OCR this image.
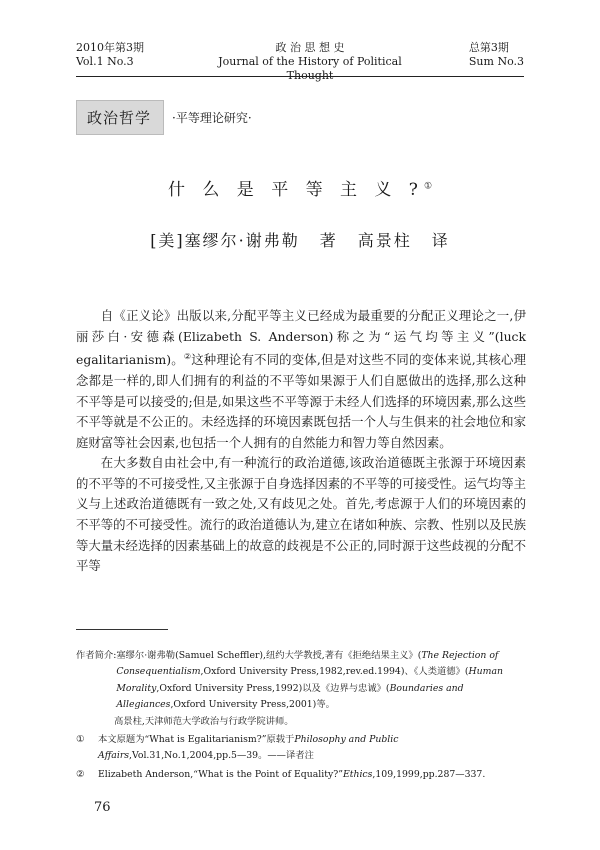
2010年第3期
Vol.1 No.3
政 治 思 想 史
Journal of the History of Political Thought
总第3期
Sum No.3
政治哲学	·平等理论研究·
什 么 是 平 等 主 义 ?①
[美]塞缪尔·谢弗勒 著 高景柱 译

自《正义论》出版以来,分配平等主义已经成为最重要的分配正义理论之一,伊丽莎白·安德森(Elizabeth S. Anderson)称之为“运气均等主义”(luck egalitarianism)。②这种理论有不同的变体,但是对这些不同的变体来说,其核心理念都是一样的,即人们拥有的利益的不平等如果源于人们自愿做出的选择,那么这种不平等是可以接受的;但是,如果这些不平等源于未经人们选择的环境因素,那么这些不平等就是不公正的。未经选择的环境因素既包括一个人与生俱来的社会地位和家庭财富等社会因素,也包括一个人拥有的自然能力和智力等自然因素。

在大多数自由社会中,有一种流行的政治道德,该政治道德既主张源于环境因素的不平等的不可接受性,又主张源于自身选择因素的不平等的可接受性。运气均等主义与上述政治道德既有一致之处,又有歧见之处。首先,考虑源于人们的环境因素的不平等的不可接受性。流行的政治道德认为,建立在诸如种族、宗教、性别以及民族等大量未经选择的因素基础上的故意的歧视是不公正的,同时源于这些歧视的分配不平等

作者简介: 塞缪尔·谢弗勒(Samuel Scheffler),纽约大学教授,著有《拒绝结果主义》(The Rejection of Consequentialism,Oxford University Press,1982,rev.ed.1994)、《人类道德》(Human Morality,Oxford University Press,1992)以及《边界与忠诚》(Boundaries and Allegiances,Oxford University Press,2001)等。
高景柱,天津师范大学政治与行政学院讲师。
①	本文原题为“What is Egalitarianism?”原载于Philosophy and Public Affairs,Vol.31,No.1,2004,pp.5—39。——译者注
②	Elizabeth Anderson,“What is the Point of Equality?”Ethics,109,1999,pp.287—337.
76
